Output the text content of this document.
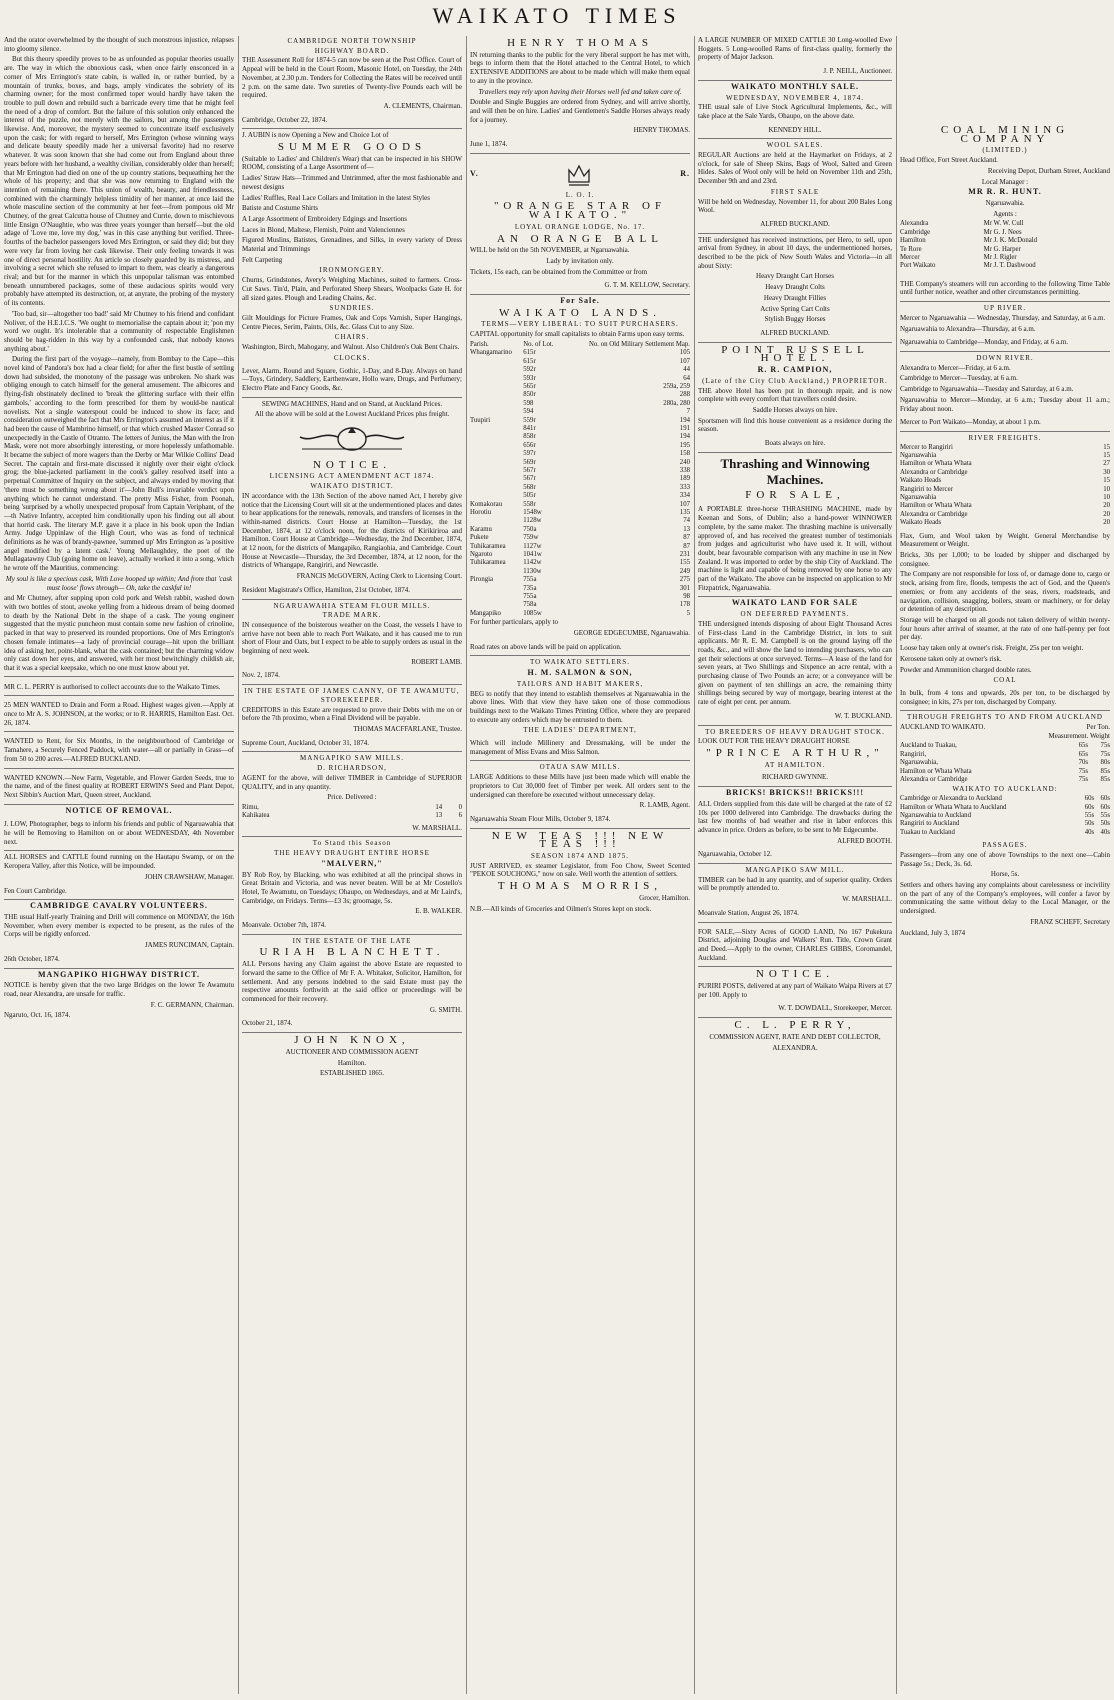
WAIKATO TIMES

And the orator overwhelmed by the thought of such monstrous injustice, relapses into gloomy silence.

But this theory speedily proves to be as unfounded as popular theories usually are. The way in which the obnoxious cask, when once fairly ensconced in a corner of Mrs Errington's state cabin, is walled in, or rather burried, by a mountain of trunks, boxes, and bags, amply vindicates the sobriety of its charming owner; for the most confirmed toper would hardly have taken the trouble to pull down and rebuild such a barricade every time that he might feel the need of a drop of comfort. But the failure of this solution only enhanced the interest of the puzzle, not merely with the sailors, but among the passengers likewise. And, moreover, the mystery seemed to concentrate itself exclusively upon the cask; for with regard to herself, Mrs Errington (whose winning ways and delicate beauty speedily made her a universal favorite) had no reserve whatever. It was soon known that she had come out from England about three years before with her husband, a wealthy civilian, considerably older than herself; that Mr Errington had died on one of the up country stations, bequeathing her the whole of his property; and that she was now returning to England with the intention of remaining there. This union of wealth, beauty, and friendlessness, combined with the charmingly helpless timidity of her manner, at once laid the whole masculine section of the community at her feet—from pompous old Mr Chutney, of the great Calcutta house of Chutney and Currie, down to mischievous little Ensign O'Naughtie, who was three years younger than herself—but the old adage of 'Love me, love my dog,' was in this case anything but verified. Three-fourths of the bachelor passengers loved Mrs Errington, or said they did; but they were very far from loving her cask likewise. Their only feeling towards it was one of direct personal hostility. An article so closely guarded by its mistress, and involving a secret which she refused to impart to them, was clearly a dangerous rival; and but for the manner in which this unpopular talisman was entombed beneath unnumbered packages, some of these audacious spirits would very probably have attempted its destruction, or, at anyrate, the probing of the mystery of its contents.

'Too bad, sir—altogether too bad!' said Mr Chutney to his friend and confidant Noliver, of the H.E.I.C.S. 'We ought to memorialise the captain about it; 'pon my word we ought. It's intolerable that a community of respectable Englishmen should be hag-ridden in this way by a confounded cask, that nobody knows anything about.'

During the first part of the voyage—namely, from Bombay to the Cape—this novel kind of Pandora's box had a clear field; for after the first bustle of settling down had subsided, the monotony of the passage was unbroken. No shark was obliging enough to catch himself for the general amusement. The albicores and flying-fish obstinately declined to 'break the glittering surface with their elfin gambols,' according to the form prescribed for them by would-be nautical novelists. Not a single waterspout could be induced to show its face; and consideration outweighed the fact that Mrs Errington's assumed an interest as if it had been the cause of Mambrino himself, or that which crushed Master Conrad so unexpectedly in the Castle of Otranto. The letters of Junius, the Man with the Iron Mask, were not more absorbingly interesting, or more hopelessly unfathomable. It became the subject of more wagers than the Derby or Mar Wilkie Collins' Dead Secret. The captain and first-mate discussed it nightly over their eight o'clock grog; the blue-jacketed parliament in the cook's galley resolved itself into a perpetual Committee of Inquiry on the subject, and always ended by moving that 'there must be something wrong about it'—John Bull's invariable verdict upon anything which he cannot understand. The pretty Miss Fisher, from Poonah, being 'surprised by a wholly unexpected proposal' from Captain Veriphant, of the —th Native Infantry, accepted him conditionally upon his finding out all about that horrid cask. The literary M.P. gave it a place in his book upon the Indian Army. Judge Uppinlaw of the High Court, who was as fond of technical definitions as he was of brandy-pawnee, 'summed up' Mrs Errington as 'a positive angel modified by a latent cask.' Young Mellaughdey, the poet of the Mullagatawny Club (going home on leave), actually worked it into a song, which he wrote off the Mauritius, commencing:

My soul is like a specious cask, With Love hooped up within; And from that 'cask must loose' flows through— Oh, take the caskful in!

and Mr Chutney, after supping upon cold pork and Welsh rabbit, washed down with two bottles of stout, awoke yelling from a hideous dream of being doomed to death by the National Debt in the shape of a cask. The young engineer suggested that the mystic puncheon must contain some new fashion of crinoline, packed in that way to preserved its rounded proportions. One of Mrs Errington's chosen female intimates—a lady of provincial courage—hit upon the brilliant idea of asking her, point-blank, what the cask contained; but the charming widow only cast down her eyes, and answered, with her most bewitchingly childish air, that it was a special keepsake, which no one must know about yet.

MR C. L. PERRY is authorised to collect accounts due to the Waikato Times.

25 MEN WANTED to Drain and Form a Road. Highest wages given.—Apply at once to Mr A. S. JOHNSON, at the works; or to R. HARRIS, Hamilton East. Oct. 26, 1874.

WANTED to Rent, for Six Months, in the neighbourhood of Cambridge or Tamahere, a Securely Fenced Paddock, with water—all or partially in Grass—of from 50 to 200 acres.—ALFRED BUCKLAND.

WANTED KNOWN.—New Farm, Vegetable, and Flower Garden Seeds, true to the name, and of the finest quality at ROBERT ERWIN'S Seed and Plant Depot, Next Sibbin's Auction Mart, Queen street, Auckland.

NOTICE OF REMOVAL.

J. LOW, Photographer, begs to inform his friends and public of Ngaruawahia that he will be Removing to Hamilton on or about WEDNESDAY, 4th November next.

ALL HORSES and CATTLE found running on the Hautapu Swamp, or on the Keropera Valley, after this Notice, will be impounded.

JOHN CRAWSHAW, Manager.

Fen Court Cambridge.

CAMBRIDGE CAVALRY VOLUNTEERS.

THE usual Half-yearly Training and Drill will commence on MONDAY, the 16th November, when every member is expected to be present, as the rules of the Corps will be rigidly enforced.

JAMES RUNCIMAN, Captain.

26th October, 1874.

MANGAPIKO HIGHWAY DISTRICT.

NOTICE is hereby given that the two large Bridges on the lower Te Awamutu road, near Alexandra, are unsafe for traffic.

F. C. GERMANN, Chairman.

Ngaruto, Oct. 16, 1874.

CAMBRIDGE NORTH TOWNSHIP
HIGHWAY BOARD.

THE Assessment Roll for 1874-5 can now be seen at the Post Office. Court of Appeal will be held in the Court Room, Masonic Hotel, on Tuesday, the 24th November, at 2.30 p.m. Tenders for Collecting the Rates will be received until 2 p.m. on the same date. Two sureties of Twenty-five Pounds each will be required.

A. CLEMENTS, Chairman.

Cambridge, October 22, 1874.

J. AUBIN is now Opening a New and Choice Lot of

SUMMER GOODS

(Suitable to Ladies' and Children's Wear) that can be inspected in his SHOW ROOM, consisting of a Large Assortment of—

Ladies' Straw Hats—Trimmed and Untrimmed, after the most fashionable and newest designs

Ladies' Ruffles, Real Lace Collars and Imitation in the latest Styles

Batiste and Costume Shirts

A Large Assortment of Embroidery Edgings and Insertions

Laces in Blond, Maltese, Flemish, Point and Valenciennes

Figured Muslins, Batistes, Grenadines, and Silks, in every variety of Dress Material and Trimmings

Felt Carpeting

IRONMONGERY.

Churns, Grindstones, Avery's Weighing Machines, suited to farmers. Cross-Cut Saws. Tin'd, Plain, and Perforated Sheep Shears, Woolpacks Gate H. for all sized gates. Plough and Leading Chains, &c.

SUNDRIES.

Gilt Mouldings for Picture Frames, Oak and Cops Varnish, Super Hangings, Centre Pieces, Serim, Paints, Oils, &c. Glass Cut to any Size.

CHAIRS.

Washington, Birch, Mahogany, and Walnut. Also Children's Oak Bent Chairs.

CLOCKS.

Lever, Alarm, Round and Square, Gothic, 1-Day, and 8-Day. Always on hand—Toys, Grindery, Saddlery, Earthenware, Hollo ware, Drugs, and Perfumery; Electro Plate and Fancy Goods, &c.

SEWING MACHINES, Hand and on Stand, at Auckland Prices.

All the above will be sold at the Lowest Auckland Prices plus freight.

NOTICE.
LICENSING ACT AMENDMENT ACT 1874.
WAIKATO DISTRICT.

IN accordance with the 13th Section of the above named Act, I hereby give notice that the Licensing Court will sit at the undermentioned places and dates to hear applications for the renewals, removals, and transfers of licenses in the within-named districts. Court House at Hamilton—Tuesday, the 1st December, 1874, at 12 o'clock noon, for the districts of Kirikiriroa and Hamilton. Court House at Cambridge—Wednesday, the 2nd December, 1874, at 12 noon, for the districts of Mangapiko, Rangiaohia, and Cambridge. Court House at Newcastle—Thursday, the 3rd December, 1874, at 12 noon, for the districts of Whangape, Rangiriri, and Newcastle.

FRANCIS McGOVERN, Acting Clerk to Licensing Court.

Resident Magistrate's Office, Hamilton, 21st October, 1874.

NGARUAWAHIA STEAM FLOUR MILLS.
TRADE MARK.

IN consequence of the boisterous weather on the Coast, the vessels I have to arrive have not been able to reach Port Waikato, and it has caused me to run short of Flour and Oats, but I expect to be able to supply orders as usual in the beginning of next week.

ROBERT LAMB.

Nov. 2, 1874.

IN THE ESTATE OF JAMES CANNY, OF TE AWAMUTU, STOREKEEPER.

CREDITORS in this Estate are requested to prove their Debts with me on or before the 7th proximo, when a Final Dividend will be payable.

THOMAS MACFFARLANE, Trustee.

Supreme Court, Auckland, October 31, 1874.

MANGAPIKO SAW MILLS.
D. RICHARDSON,

AGENT for the above, will deliver TIMBER in Cambridge of SUPERIOR QUALITY, and in any quantity.

Price. Delivered :

Rimu,	14	0
Kahikatea	13	6

W. MARSHALL.

To Stand this Season
THE HEAVY DRAUGHT ENTIRE HORSE
"MALVERN,"

BY Rob Roy, by Blacking, who was exhibited at all the principal shows in Great Britain and Victoria, and was never beaten. Will be at Mr Costello's Hotel, Te Awamutu, on Tuesdays; Ohaupo, on Wednesdays, and at Mr Laird's, Cambridge, on Fridays. Terms—£3 3s; groomage, 5s.

E. B. WALKER.

Moanvale. October 7th, 1874.

IN THE ESTATE OF THE LATE
URIAH BLANCHETT.

ALL Persons having any Claim against the above Estate are requested to forward the same to the Office of Mr F. A. Whitaker, Solicitor, Hamilton, for settlement. And any persons indebted to the said Estate must pay the respective amounts forthwith at the said office or proceedings will be commenced for their recovery.

G. SMITH.

October 21, 1874.

JOHN KNOX,

AUCTIONEER AND COMMISSION AGENT

Hamilton.

ESTABLISHED 1865.

HENRY THOMAS

IN returning thanks to the public for the very liberal support he has met with, begs to inform them that the Hotel attached to the Central Hotel, to which EXTENSIVE ADDITIONS are about to be made which will make them equal to any in the province.

Travellers may rely upon having their Horses well fed and taken care of.

Double and Single Buggies are ordered from Sydney, and will arrive shortly, and will then be on hire. Ladies' and Gentlemen's Saddle Horses always ready for a journey.

HENRY THOMAS.

June 1, 1874.

V.	R.
L. O. I.
"ORANGE STAR OF WAIKATO."
LOYAL ORANGE LODGE, No. 17.
AN ORANGE BALL

WILL be held on the 5th NOVEMBER, at Ngaruawahia.

Lady by invitation only.

Tickets, 15s each, can be obtained from the Committee or from

G. T. M. KELLOW, Secretary.

For Sale.
WAIKATO LANDS.
TERMS—VERY LIBERAL: TO SUIT PURCHASERS.

CAPITAL opportunity for small capitalists to obtain Farms upon easy terms.

Parish.	No. of Lot.	No. on Old Military Settlement Map.
Whangamarino	615r	105
	615r	107
	592r	44
	593r	64
	565r	259a, 259
	850r	288
	598	280a, 280
	594	7
Tuupiri	559r	194
	841r	191
	858r	194
	656r	195
	597r	158
	569r	240
	567r	338
	567r	189
	568r	333
	505r	334
Komakorau	558r	107
Horotiu	1548w	135
	1128w	74
Karamu	750a	13
Pukete	759w	87
Tuhikaramea	1127w	87
Ngaroto	1041w	231
Tuhikaramea	1142w	155
	1130w	249
Pirongia	755a	275
	735a	301
	755a	98
	758a	178
Mangapiko	1085w	5

For further particulars, apply to

GEORGE EDGECUMBE, Ngaruawahia.

Road rates on above lands will be paid on application.

TO WAIKATO SETTLERS.
H. M. SALMON & SON,
TAILORS AND HABIT MAKERS,

BEG to notify that they intend to establish themselves at Ngaruawahia in the above lines. With that view they have taken one of those commodious buildings next to the Waikato Times Printing Office, where they are prepared to execute any orders which may be entrusted to them.

THE LADIES' DEPARTMENT,

Which will include Millinery and Dressmaking, will be under the management of Miss Evans and Miss Salmon.

OTAUA SAW MILLS.

LARGE Additions to these Mills have just been made which will enable the proprietors to Cut 30,000 feet of Timber per week. All orders sent to the undersigned can therefore be executed without unnecessary delay.

R. LAMB, Agent.

Ngaruawahia Steam Flour Mills, October 9, 1874.

NEW TEAS !!! NEW TEAS !!!
SEASON 1874 AND 1875.

JUST ARRIVED, ex steamer Legislator, from Foo Chow, Sweet Scented "PEKOE SOUCHONG," now on sale. Well worth the attention of settlers.

THOMAS MORRIS,

Grocer, Hamilton.

N.B.—All kinds of Groceries and Oilmen's Stores kept on stock.

A LARGE NUMBER OF MIXED CATTLE 30 Long-woolled Ewe Hoggets. 5 Long-woolled Rams of first-class quality, formerly the property of Major Jackson.

J. P. NEILL, Auctioneer.

WAIKATO MONTHLY SALE.
WEDNESDAY, NOVEMBER 4, 1874.

THE usual sale of Live Stock Agricultural Implements, &c., will take place at the Sale Yards, Ohaupo, on the above date.

KENNEDY HILL.

WOOL SALES.

REGULAR Auctions are held at the Haymarket on Fridays, at 2 o'clock, for sale of Sheep Skins, Bags of Wool, Salted and Green Hides. Sales of Wool only will be held on November 11th and 25th, December 9th and and 23rd.

FIRST SALE

Will be held on Wednesday, November 11, for about 200 Bales Long Wool.

ALFRED BUCKLAND.

THE undersigned has received instructions, per Hero, to sell, upon arrival from Sydney, in about 10 days, the undermentioned horses, described to be the pick of New South Wales and Victoria—in all about Sixty:

Heavy Draught Cart Horses

Heavy Draught Colts

Heavy Draught Fillies

Active Spring Cart Colts

Stylish Buggy Horses

ALFRED BUCKLAND.

POINT RUSSELL HOTEL.
R. R. CAMPION,
(Late of the City Club Auckland,) PROPRIETOR.

THE above Hotel has been put in thorough repair, and is now complete with every comfort that travellers could desire.

Saddle Horses always on hire.

Sportsmen will find this house convenient as a residence during the season.

Boats always on hire.

Thrashing and Winnowing Machines.
FOR SALE,

A PORTABLE three-horse THRASHING MACHINE, made by Keenan and Sons, of Dublin; also a hand-power WINNOWER complete, by the same maker. The thrashing machine is universally approved of, and has received the greatest number of testimonials from judges and agriculturist who have used it. It will, without doubt, bear favourable comparison with any machine in use in New Zealand. It was imported to order by the ship City of Auckland. The machine is light and capable of being removed by one horse to any part of the Waikato. The above can be inspected on application to Mr Fitzpatrick, Ngaruawahia.

WAIKATO LAND FOR SALE
ON DEFERRED PAYMENTS.

THE undersigned intends disposing of about Eight Thousand Acres of First-class Land in the Cambridge District, in lots to suit applicants. Mr R. E. M. Campbell is on the ground laying off the roads, &c., and will show the land to intending purchasers, who can get their selections at once surveyed. Terms—A lease of the land for seven years, at Two Shillings and Sixpence an acre rental, with a purchasing clause of Two Pounds an acre; or a conveyance will be given on payment of ten shillings an acre, the remaining thirty shillings being secured by way of mortgage, bearing interest at the rate of eight per cent. per annum.

W. T. BUCKLAND.

TO BREEDERS OF HEAVY DRAUGHT STOCK.

LOOK OUT FOR THE HEAVY DRAUGHT HORSE

"PRINCE ARTHUR,"
AT HAMILTON.

RICHARD GWYNNE.

BRICKS! BRICKS!! BRICKS!!!

ALL Orders supplied from this date will be charged at the rate of £2 10s per 1000 delivered into Cambridge. The drawbacks during the last few months of bad weather and rise in labor enforces this advance in price. Orders as before, to be sent to Mr Edgecumbe.

ALFRED BOOTH.

Ngaruawahia, October 12.

MANGAPIKO SAW MILL.

TIMBER can be had in any quantity, and of superior quality. Orders will be promptly attended to.

W. MARSHALL.

Moanvale Station, August 26, 1874.

FOR SALE,—Sixty Acres of GOOD LAND, No 167 Pukekura District, adjoining Douglas and Walkers' Run. Title, Crown Grant and Deed.—Apply to the owner, CHARLES GIBBS, Coromandel, Auckland.

NOTICE.

PURIRI POSTS, delivered at any part of Waikato Waipa Rivers at £7 per 100. Apply to

W. T. DOWDALL, Storekeeper, Mercer.

C. L. PERRY,

COMMISSION AGENT, RATE AND DEBT COLLECTOR,

ALEXANDRA.

COAL MINING COMPANY
(LIMITED.)

Head Office, Fort Street Auckland.

Receiving Depot, Durham Street, Auckland

Local Manager :

MR R. R. HUNT.

Ngaruawahia.

Agents :

Alexandra	Mr W. W. Cull
Cambridge	Mr G. J. Nees
Hamilton	Mr J. K. McDonald
Te Rore	Mr G. Harper
Mercer	Mr J. Rigler
Port Waikato	Mr J. T. Dashwood

THE Company's steamers will run according to the following Time Table until further notice, weather and other circumstances permitting.

UP RIVER.

Mercer to Ngaruawahia — Wednesday, Thursday, and Saturday, at 6 a.m.

Ngaruawahia to Alexandra—Thursday, at 6 a.m.

Ngaruawahia to Cambridge—Monday, and Friday, at 6 a.m.

DOWN RIVER.

Alexandra to Mercer—Friday, at 6 a.m.

Cambridge to Mercer—Tuesday, at 6 a.m.

Cambridge to Ngaruawahia—Tuesday and Saturday, at 6 a.m.

Ngaruawahia to Mercer—Monday, at 6 a.m.; Tuesday about 11 a.m.; Friday about noon.

Mercer to Port Waikato—Monday, at about 1 p.m.

RIVER FREIGHTS.
Mercer to Rangiriri	15
Ngaruawahia	15
Hamilton or Whata Whata	27
Alexandra or Cambridge	30
Waikato Heads	15
Rangiriri to Mercer	10
Ngaruawahia	10
Hamilton or Whata Whata	20
Alexandra or Cambridge	20
Waikato Heads	20

Flax, Gum, and Wool taken by Weight. General Merchandise by Measurement or Weight.

Bricks, 30s per 1,000; to be loaded by shipper and discharged by consignee.

The Company are not responsible for loss of, or damage done to, cargo or stock, arising from fire, floods, tempests the act of God, and the Queen's enemies; or from any accidents of the seas, rivers, roadsteads, and navigation, collision, snagging, boilers, steam or machinery, or for delay or detention of any description.

Storage will be charged on all goods not taken delivery of within twenty-four hours after arrival of steamer, at the rate of one half-penny per foot per day.

Loose hay taken only at owner's risk. Freight, 25s per ton weight.

Kerosene taken only at owner's risk.

Powder and Ammunition charged double rates.

COAL

In bulk, from 4 tons and upwards, 20s per ton, to be discharged by consignee; in kits, 27s per ton, discharged by Company.

THROUGH FREIGHTS TO AND FROM AUCKLAND
AUCKLAND TO WAIKATO.	Per Ton.

Measurement. Weight

Auckland to Tuakau,	65s	75s
Rangiriri,	65s	75s
Ngaruawahia,	70s	80s
Hamilton or Whata Whata	75s	85s
Alexandra or Cambridge	75s	85s
WAIKATO TO AUCKLAND:
Cambridge or Alexandra to Auckland	60s	60s
Hamilton or Whata Whata to Auckland	60s	60s
Ngaruawahia to Auckland	55s	55s
Rangiriri to Auckland	50s	50s
Tuakau to Auckland	40s	40s
PASSAGES.

Passengers—from any one of above Townships to the next one—Cabin Passage 5s.; Deck, 3s. 6d.

Horse, 5s.

Settlers and others having any complaints about carelessness or incivility on the part of any of the Company's employees, will confer a favor by communicating the same without delay to the Local Manager, or the undersigned.

FRANZ SCHEFF, Secretary

Auckland, July 3, 1874
